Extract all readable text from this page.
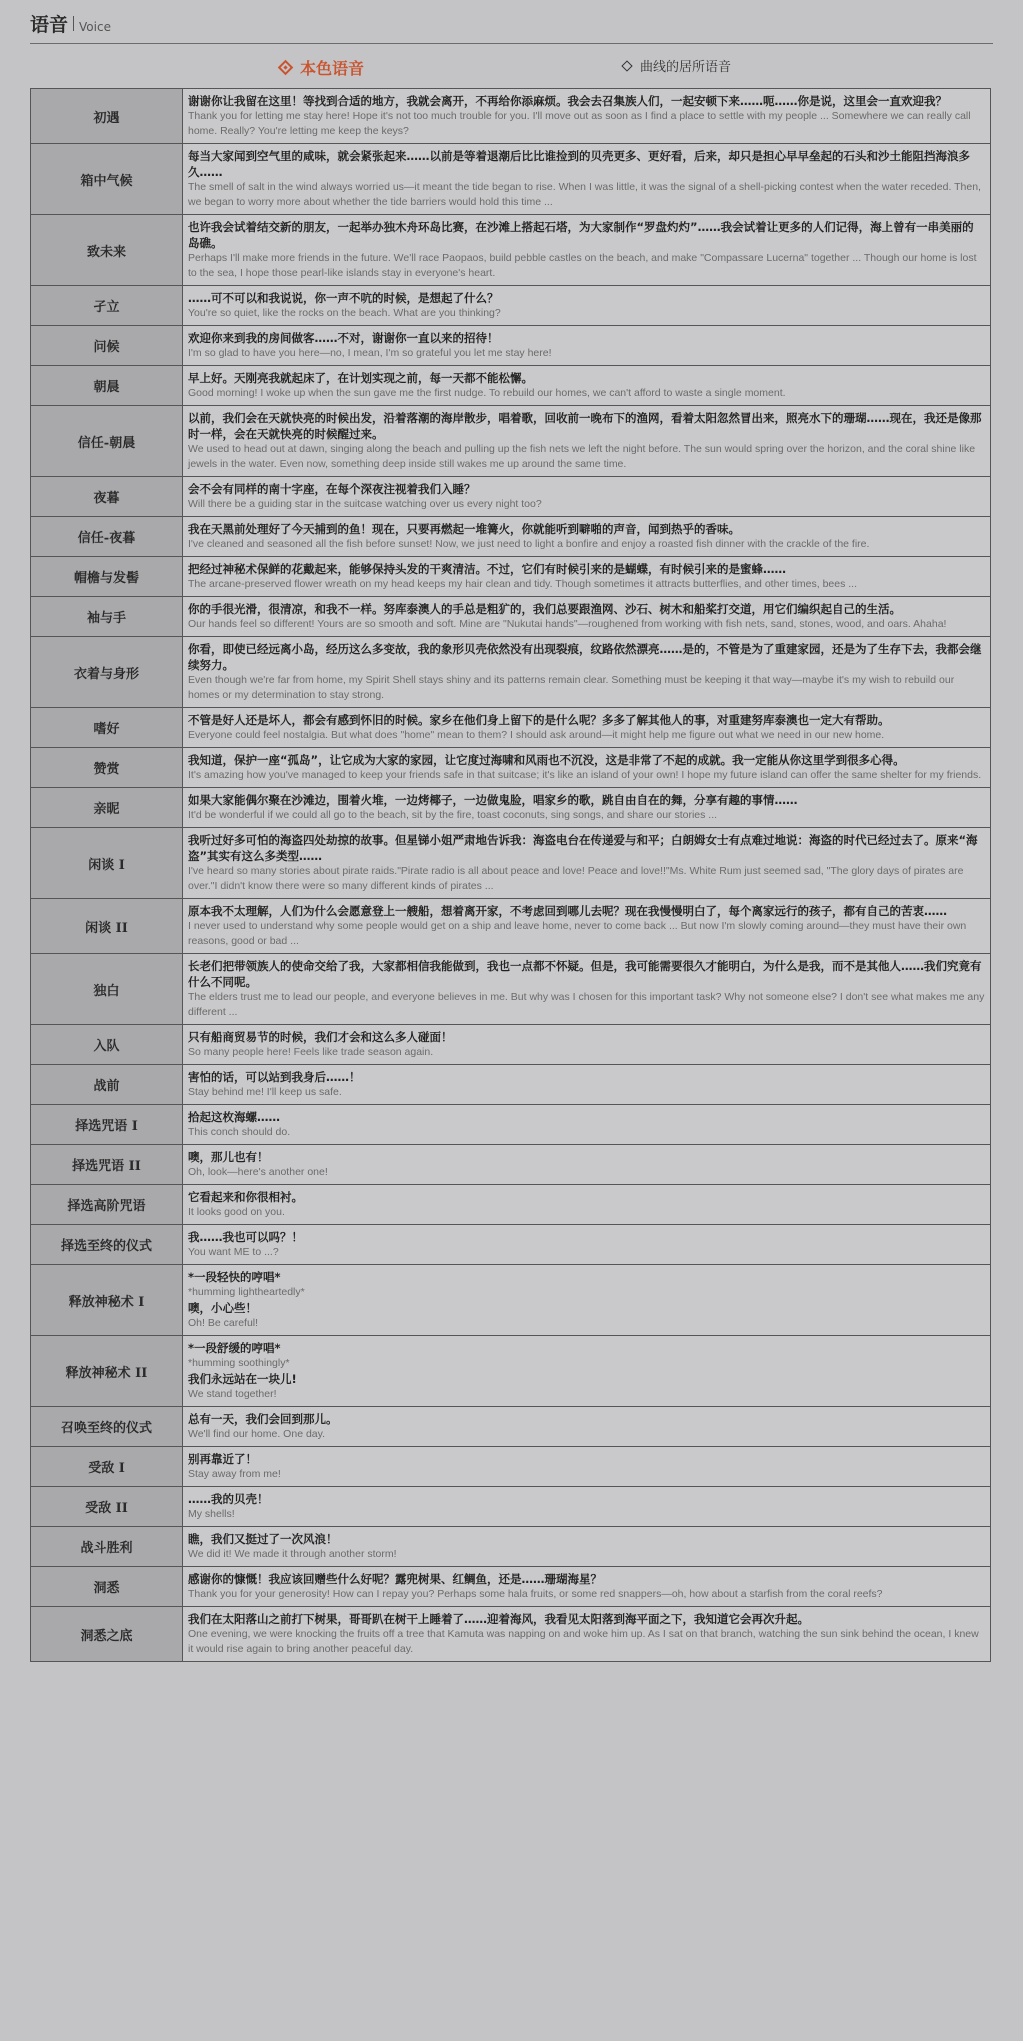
语音 Voice
本色语音	曲线的居所语音
初遇	谢谢你让我留在这里！等找到合适的地方，我就会离开，不再给你添麻烦。我会去召集族人们，一起安顿下来……呃……你是说，这里会一直欢迎我？
Thank you for letting me stay here! Hope it's not too much trouble for you. I'll move out as soon as I find a place to settle with my people ... Somewhere we can really call home. Really? You're letting me keep the keys?

箱中气候	每当大家闻到空气里的咸味，就会紧张起来……以前是等着退潮后比比谁捡到的贝壳更多、更好看，后来，却只是担心早早垒起的石头和沙土能阻挡海浪多久……
The smell of salt in the wind always worried us—it meant the tide began to rise. When I was little, it was the signal of a shell-picking contest when the water receded. Then, we began to worry more about whether the tide barriers would hold this time ...

致未来	也许我会试着结交新的朋友，一起举办独木舟环岛比赛，在沙滩上搭起石塔，为大家制作“罗盘灼灼”……我会试着让更多的人们记得，海上曾有一串美丽的岛礁。
Perhaps I'll make more friends in the future. We'll race Paopaos, build pebble castles on the beach, and make "Compassare Lucerna" together ... Though our home is lost to the sea, I hope those pearl-like islands stay in everyone's heart.

孑立	……可不可以和我说说，你一声不吭的时候，是想起了什么？
You're so quiet, like the rocks on the beach. What are you thinking?

问候	欢迎你来到我的房间做客……不对，谢谢你一直以来的招待！
I'm so glad to have you here—no, I mean, I'm so grateful you let me stay here!

朝晨	早上好。天刚亮我就起床了，在计划实现之前，每一天都不能松懈。
Good morning! I woke up when the sun gave me the first nudge. To rebuild our homes, we can't afford to waste a single moment.

信任-朝晨	以前，我们会在天就快亮的时候出发，沿着落潮的海岸散步，唱着歌，回收前一晚布下的渔网，看着太阳忽然冒出来，照亮水下的珊瑚……现在，我还是像那时一样，会在天就快亮的时候醒过来。
We used to head out at dawn, singing along the beach and pulling up the fish nets we left the night before. The sun would spring over the horizon, and the coral shine like jewels in the water. Even now, something deep inside still wakes me up around the same time.

夜暮	会不会有同样的南十字座，在每个深夜注视着我们入睡？
Will there be a guiding star in the suitcase watching over us every night too?

信任-夜暮	我在天黑前处理好了今天捕到的鱼！现在，只要再燃起一堆篝火，你就能听到噼啪的声音，闻到热乎的香味。
I've cleaned and seasoned all the fish before sunset! Now, we just need to light a bonfire and enjoy a roasted fish dinner with the crackle of the fire.

帽檐与发髻	把经过神秘术保鲜的花戴起来，能够保持头发的干爽清洁。不过，它们有时候引来的是蝴蝶，有时候引来的是蜜蜂……
The arcane-preserved flower wreath on my head keeps my hair clean and tidy. Though sometimes it attracts butterflies, and other times, bees ...

袖与手	你的手很光滑，很清凉，和我不一样。努库泰澳人的手总是粗犷的，我们总要跟渔网、沙石、树木和船桨打交道，用它们编织起自己的生活。
Our hands feel so different! Yours are so smooth and soft. Mine are "Nukutai hands"—roughened from working with fish nets, sand, stones, wood, and oars. Ahaha!

衣着与身形	你看，即使已经远离小岛，经历这么多变故，我的象形贝壳依然没有出现裂痕，纹路依然漂亮……是的，不管是为了重建家园，还是为了生存下去，我都会继续努力。
Even though we're far from home, my Spirit Shell stays shiny and its patterns remain clear. Something must be keeping it that way—maybe it's my wish to rebuild our homes or my determination to stay strong.

嗜好	不管是好人还是坏人，都会有感到怀旧的时候。家乡在他们身上留下的是什么呢？多多了解其他人的事，对重建努库泰澳也一定大有帮助。
Everyone could feel nostalgia. But what does "home" mean to them? I should ask around—it might help me figure out what we need in our new home.

赞赏	我知道，保护一座“孤岛”，让它成为大家的家园，让它度过海啸和风雨也不沉没，这是非常了不起的成就。我一定能从你这里学到很多心得。
It's amazing how you've managed to keep your friends safe in that suitcase; it's like an island of your own! I hope my future island can offer the same shelter for my friends.

亲昵	如果大家能偶尔聚在沙滩边，围着火堆，一边烤椰子，一边做鬼脸，唱家乡的歌，跳自由自在的舞，分享有趣的事情……
It'd be wonderful if we could all go to the beach, sit by the fire, toast coconuts, sing songs, and share our stories ...

闲谈 I	我听过好多可怕的海盗四处劫掠的故事。但星锑小姐严肃地告诉我：海盗电台在传递爱与和平；白朗姆女士有点难过地说：海盗的时代已经过去了。原来“海盗”其实有这么多类型……
I've heard so many stories about pirate raids."Pirate radio is all about peace and love! Peace and love!!"Ms. White Rum just seemed sad, "The glory days of pirates are over."I didn't know there were so many different kinds of pirates ...

闲谈 II	原本我不太理解，人们为什么会愿意登上一艘船，想着离开家，不考虑回到哪儿去呢？现在我慢慢明白了，每个离家远行的孩子，都有自己的苦衷……
I never used to understand why some people would get on a ship and leave home, never to come back ... But now I'm slowly coming around—they must have their own reasons, good or bad ...

独白	长老们把带领族人的使命交给了我，大家都相信我能做到，我也一点都不怀疑。但是，我可能需要很久才能明白，为什么是我，而不是其他人……我们究竟有什么不同呢。
The elders trust me to lead our people, and everyone believes in me. But why was I chosen for this important task? Why not someone else? I don't see what makes me any different ...

入队	只有船商贸易节的时候，我们才会和这么多人碰面！
So many people here! Feels like trade season again.

战前	害怕的话，可以站到我身后……！
Stay behind me! I'll keep us safe.

择选咒语 I	拾起这枚海螺……
This conch should do.

择选咒语 II	噢，那儿也有！
Oh, look—here's another one!

择选高阶咒语	它看起来和你很相衬。
It looks good on you.

择选至终的仪式	我……我也可以吗？！
You want ME to ...?

释放神秘术 I	*一段轻快的哼唱*
*humming lightheartedly*
噢，小心些！
Oh! Be careful!

释放神秘术 II	*一段舒缓的哼唱*
*humming soothingly*
我们永远站在一块儿!
We stand together!

召唤至终的仪式	总有一天，我们会回到那儿。
We'll find our home. One day.

受敌 I	别再靠近了！
Stay away from me!

受敌 II	……我的贝壳！
My shells!

战斗胜利	瞧，我们又挺过了一次风浪！
We did it! We made it through another storm!

洞悉	感谢你的慷慨！我应该回赠些什么好呢？露兜树果、红鲷鱼，还是……珊瑚海星？
Thank you for your generosity! How can I repay you? Perhaps some hala fruits, or some red snappers—oh, how about a starfish from the coral reefs?

洞悉之底	我们在太阳落山之前打下树果，哥哥趴在树干上睡着了……迎着海风，我看见太阳落到海平面之下，我知道它会再次升起。
One evening, we were knocking the fruits off a tree that Kamuta was napping on and woke him up. As I sat on that branch, watching the sun sink behind the ocean, I knew it would rise again to bring another peaceful day.
